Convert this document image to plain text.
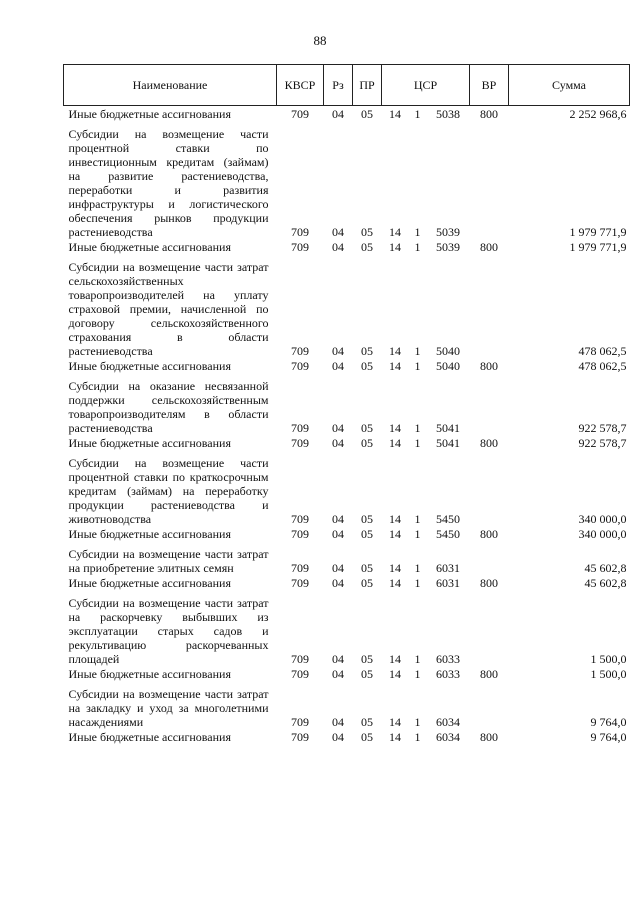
88
Наименование	КВСР	Рз	ПР	ЦСР			ВР	Сумма
Иные бюджетные ассигнования	709	04	05	14	1	5038	800	2 252 968,6
Субсидии на возмещение части процентной ставки по инвестиционным кредитам (займам) на развитие растениеводства, переработки и развития инфраструктуры и логистического обеспечения рынков продукции растениеводства	709	04	05	14	1	5039		1 979 771,9
Иные бюджетные ассигнования	709	04	05	14	1	5039	800	1 979 771,9
Субсидии на возмещение части затрат сельскохозяйственных товаропроизводителей на уплату страховой премии, начисленной по договору сельскохозяйственного страхования в области растениеводства	709	04	05	14	1	5040		478 062,5
Иные бюджетные ассигнования	709	04	05	14	1	5040	800	478 062,5
Субсидии на оказание несвязанной поддержки сельскохозяйственным товаропроизводителям в области растениеводства	709	04	05	14	1	5041		922 578,7
Иные бюджетные ассигнования	709	04	05	14	1	5041	800	922 578,7
Субсидии на возмещение части процентной ставки по краткосрочным кредитам (займам) на переработку продукции растениеводства и животноводства	709	04	05	14	1	5450		340 000,0
Иные бюджетные ассигнования	709	04	05	14	1	5450	800	340 000,0
Субсидии на возмещение части затрат на приобретение элитных семян	709	04	05	14	1	6031		45 602,8
Иные бюджетные ассигнования	709	04	05	14	1	6031	800	45 602,8
Субсидии на возмещение части затрат на раскорчевку выбывших из эксплуатации старых садов и рекультивацию раскорчеванных площадей	709	04	05	14	1	6033		1 500,0
Иные бюджетные ассигнования	709	04	05	14	1	6033	800	1 500,0
Субсидии на возмещение части затрат на закладку и уход за многолетними насаждениями	709	04	05	14	1	6034		9 764,0
Иные бюджетные ассигнования	709	04	05	14	1	6034	800	9 764,0
